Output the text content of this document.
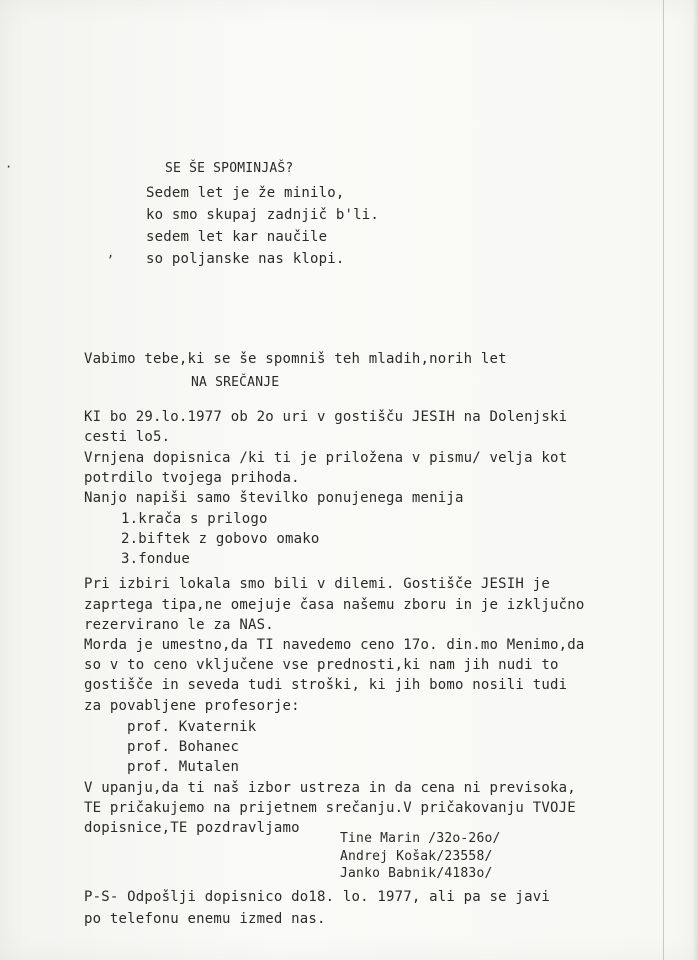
·
,
SE ŠE SPOMINJAŠ?
Sedem let je že minilo,
ko smo skupaj zadnjič b'li.
sedem let kar naučile
so poljanske nas klopi.
Vabimo tebe,ki se še spomniš teh mladih,norih let
NA SREČANJE
KI bo 29.lo.1977 ob 2o uri v gostišču JESIH na Dolenjski
cesti lo5.
Vrnjena dopisnica /ki ti je priložena v pismu/ velja kot
potrdilo tvojega prihoda.
Nanjo napiši samo številko ponujenega menija
1.krača s prilogo
2.biftek z gobovo omako
3.fondue
Pri izbiri lokala smo bili v dilemi. Gostišče JESIH je
zaprtega tipa,ne omejuje časa našemu zboru in je izključno
rezervirano le za NAS.
Morda je umestno,da TI navedemo ceno 17o. din.mo Menimo,da
so v to ceno vključene vse prednosti,ki nam jih nudi to
gostišče in seveda tudi stroški, ki jih bomo nosili tudi
za povabljene profesorje:
prof. Kvaternik
prof. Bohanec
prof. Mutalen
V upanju,da ti naš izbor ustreza in da cena ni previsoka,
TE pričakujemo na prijetnem srečanju.V pričakovanju TVOJE
dopisnice,TE pozdravljamo
Tine Marin /32o-26o/
Andrej Košak/23558/
Janko Babnik/4183o/
P-S- Odpošlji dopisnico do18. lo. 1977, ali pa se javi
po telefonu enemu izmed nas.
